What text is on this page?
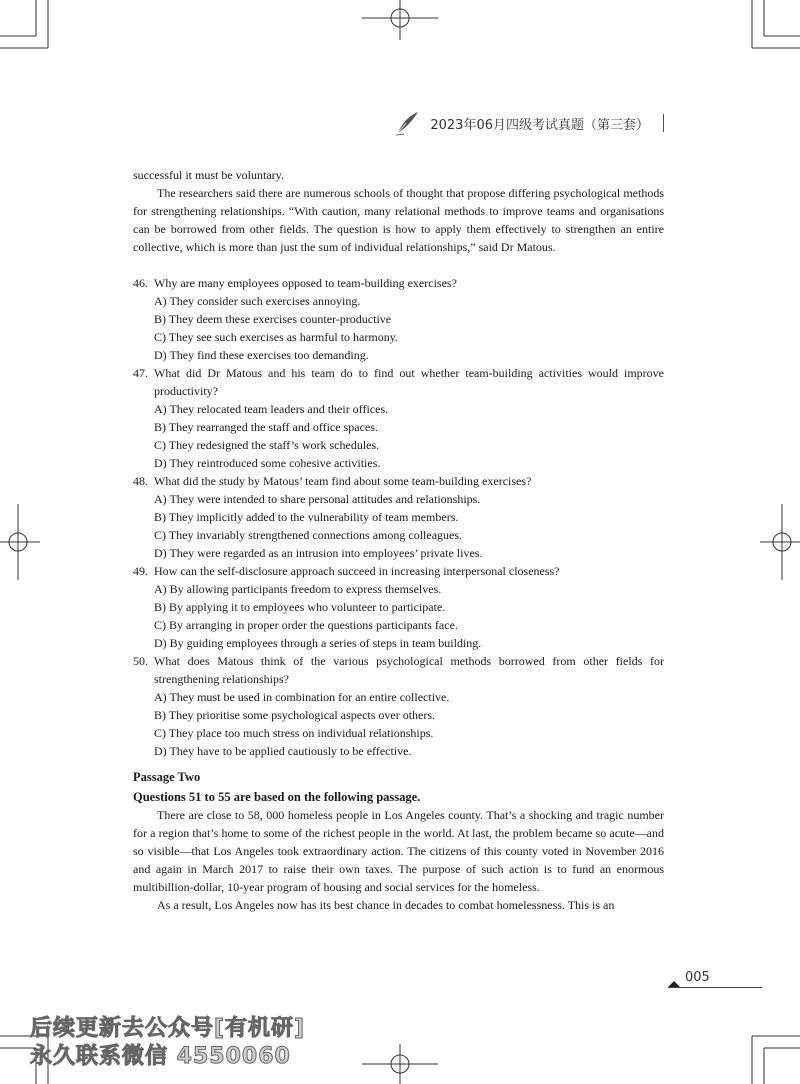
2023年06月四级考试真题（第三套）

successful it must be voluntary.

The researchers said there are numerous schools of thought that propose differing psychological methods for strengthening relationships. “With caution, many relational methods to improve teams and organisations can be borrowed from other fields. The question is how to apply them effectively to strengthen an entire collective, which is more than just the sum of individual relationships,” said Dr Matous.

46. Why are many employees opposed to team-building exercises?
A) They consider such exercises annoying.
B) They deem these exercises counter-productive
C) They see such exercises as harmful to harmony.
D) They find these exercises too demanding.
47. What did Dr Matous and his team do to find out whether team-building activities would improve productivity?
A) They relocated team leaders and their offices.
B) They rearranged the staff and office spaces.
C) They redesigned the staff’s work schedules.
D) They reintroduced some cohesive activities.
48. What did the study by Matous’ team find about some team-building exercises?
A) They were intended to share personal attitudes and relationships.
B) They implicitly added to the vulnerability of team members.
C) They invariably strengthened connections among colleagues.
D) They were regarded as an intrusion into employees’ private lives.
49. How can the self-disclosure approach succeed in increasing interpersonal closeness?
A) By allowing participants freedom to express themselves.
B) By applying it to employees who volunteer to participate.
C) By arranging in proper order the questions participants face.
D) By guiding employees through a series of steps in team building.
50. What does Matous think of the various psychological methods borrowed from other fields for strengthening relationships?
A) They must be used in combination for an entire collective.
B) They prioritise some psychological aspects over others.
C) They place too much stress on individual relationships.
D) They have to be applied cautiously to be effective.
Passage Two
Questions 51 to 55 are based on the following passage.

There are close to 58, 000 homeless people in Los Angeles county. That’s a shocking and tragic number for a region that’s home to some of the richest people in the world. At last, the problem became so acute—and so visible—that Los Angeles took extraordinary action. The citizens of this county voted in November 2016 and again in March 2017 to raise their own taxes. The purpose of such action is to fund an enormous multibillion-dollar, 10-year program of housing and social services for the homeless.

As a result, Los Angeles now has its best chance in decades to combat homelessness. This is an

005
后续更新去公众号[有机研]
永久联系微信 4550060
